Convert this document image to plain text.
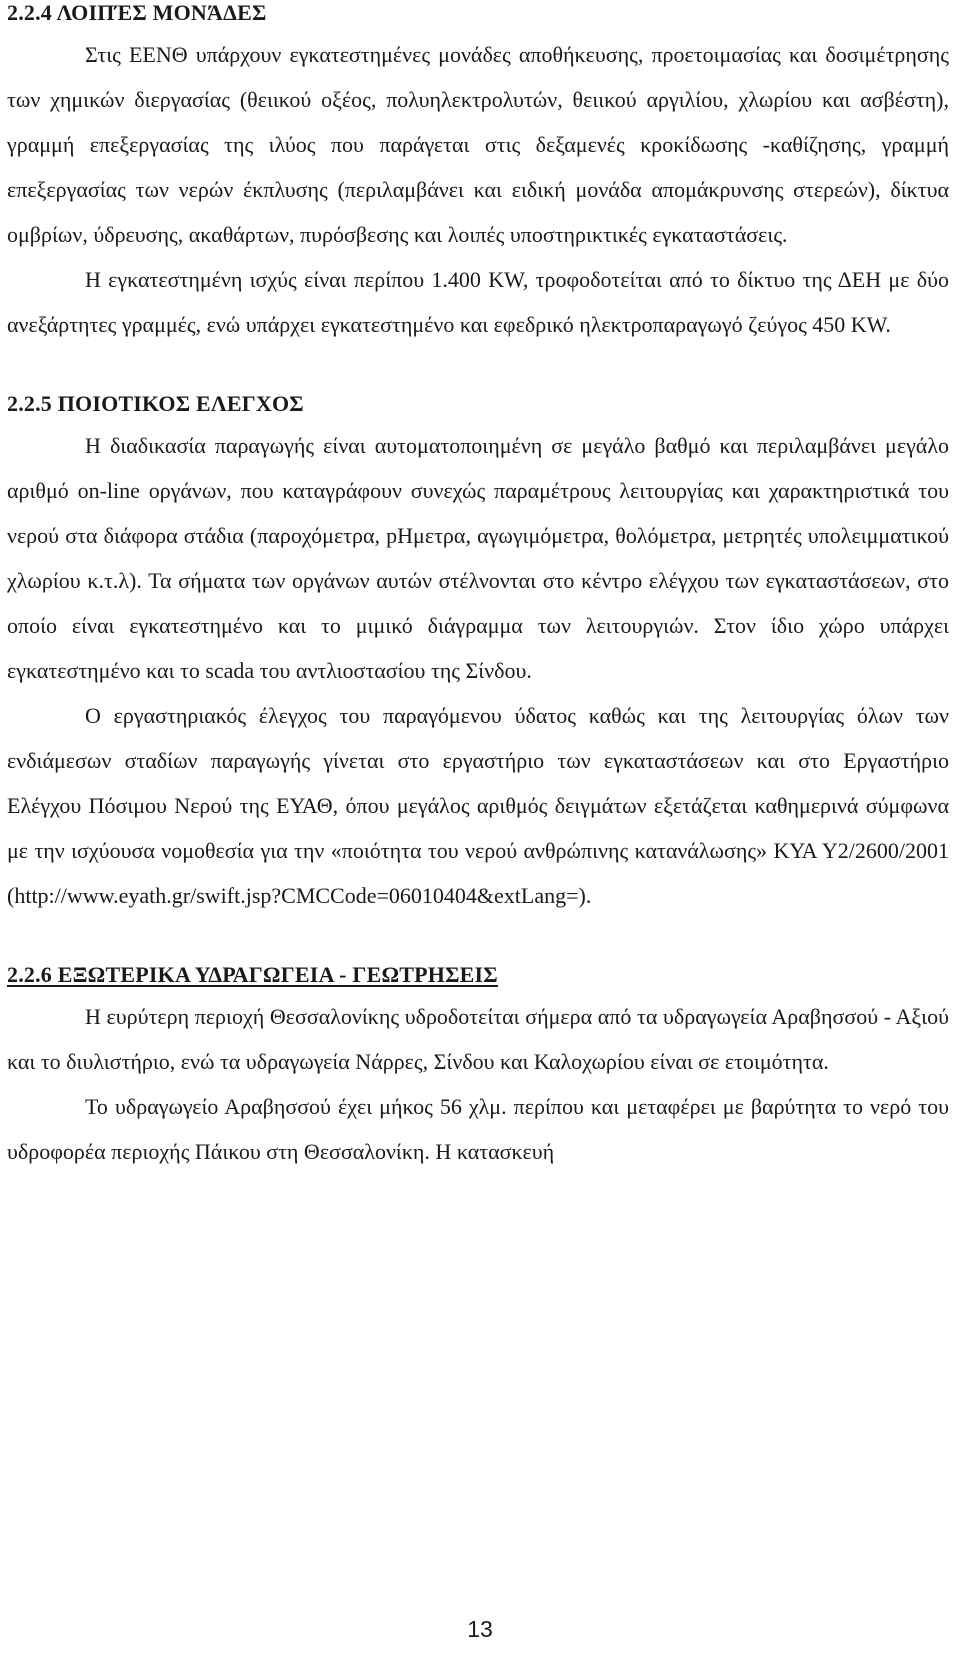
2.2.4 ΛΟΙΠΈΣ ΜΟΝΆΔΕΣ

Στις ΕΕΝΘ υπάρχουν εγκατεστημένες μονάδες αποθήκευσης, προετοιμασίας και δοσιμέτρησης των χημικών διεργασίας (θειικού οξέος, πολυηλεκτρολυτών, θειικού αργιλίου, χλωρίου και ασβέστη), γραμμή επεξεργασίας της ιλύος που παράγεται στις δεξαμενές κροκίδωσης -καθίζησης, γραμμή επεξεργασίας των νερών έκπλυσης (περιλαμβάνει και ειδική μονάδα απομάκρυνσης στερεών), δίκτυα ομβρίων, ύδρευσης, ακαθάρτων, πυρόσβεσης και λοιπές υποστηρικτικές εγκαταστάσεις.

Η εγκατεστημένη ισχύς είναι περίπου 1.400 KW, τροφοδοτείται από το δίκτυο της ΔΕΗ με δύο ανεξάρτητες γραμμές, ενώ υπάρχει εγκατεστημένο και εφεδρικό ηλεκτροπαραγωγό ζεύγος 450 KW.

2.2.5 ΠΟΙΟΤΙΚΟΣ ΕΛΕΓΧΟΣ

Η διαδικασία παραγωγής είναι αυτοματοποιημένη σε μεγάλο βαθμό και περιλαμβάνει μεγάλο αριθμό on-line οργάνων, που καταγράφουν συνεχώς παραμέτρους λειτουργίας και χαρακτηριστικά του νερού στα διάφορα στάδια (παροχόμετρα, pHμετρα, αγωγιμόμετρα, θολόμετρα, μετρητές υπολειμματικού χλωρίου κ.τ.λ). Τα σήματα των οργάνων αυτών στέλνονται στο κέντρο ελέγχου των εγκαταστάσεων, στο οποίο είναι εγκατεστημένο και το μιμικό διάγραμμα των λειτουργιών. Στον ίδιο χώρο υπάρχει εγκατεστημένο και το scada του αντλιοστασίου της Σίνδου.

Ο εργαστηριακός έλεγχος του παραγόμενου ύδατος καθώς και της λειτουργίας όλων των ενδιάμεσων σταδίων παραγωγής γίνεται στο εργαστήριο των εγκαταστάσεων και στο Εργαστήριο Ελέγχου Πόσιμου Νερού της ΕΥΑΘ, όπου μεγάλος αριθμός δειγμάτων εξετάζεται καθημερινά σύμφωνα με την ισχύουσα νομοθεσία για την «ποιότητα του νερού ανθρώπινης κατανάλωσης» ΚΥΑ Υ2/2600/2001 (http://www.eyath.gr/swift.jsp?CMCCode=06010404&extLang=).

2.2.6 ΕΞΩΤΕΡΙΚΑ ΥΔΡΑΓΩΓΕΙΑ - ΓΕΩΤΡΗΣΕΙΣ

Η ευρύτερη περιοχή Θεσσαλονίκης υδροδοτείται σήμερα από τα υδραγωγεία Αραβησσού - Αξιού και το διυλιστήριο, ενώ τα υδραγωγεία Νάρρες, Σίνδου και Καλοχωρίου είναι σε ετοιμότητα.

Το υδραγωγείο Αραβησσού έχει μήκος 56 χλμ. περίπου και μεταφέρει με βαρύτητα το νερό του υδροφορέα περιοχής Πάικου στη Θεσσαλονίκη. Η κατασκευή

13
